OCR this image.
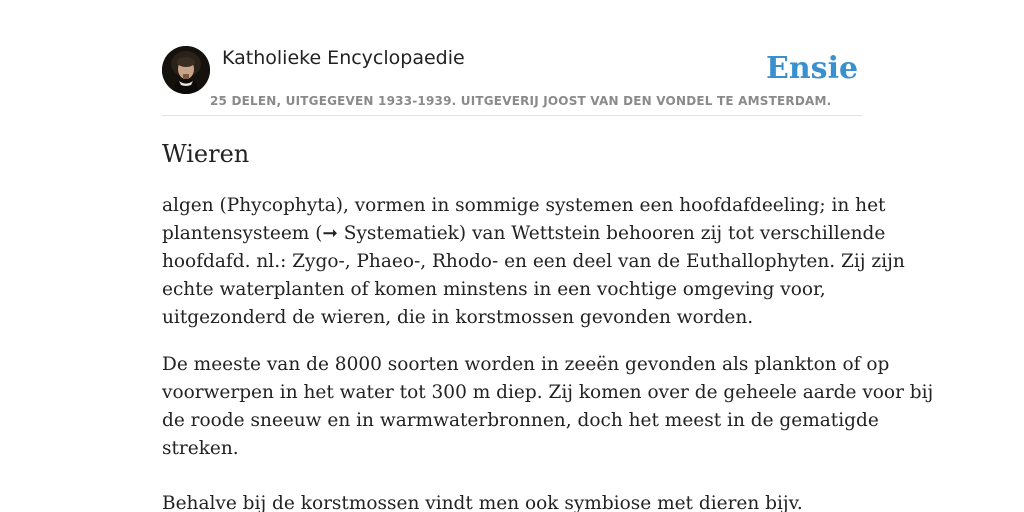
Katholieke Encyclopaedie	Ensie
25 DELEN, UITGEGEVEN 1933-1939. UITGEVERIJ JOOST VAN DEN VONDEL TE AMSTERDAM.
Wieren

algen (Phycophyta), vormen in sommige systemen een hoofdafdeeling; in het
plantensysteem (➞ Systematiek) van Wettstein behooren zij tot verschillende
hoofdafd. nl.: Zygo-, Phaeo-, Rhodo- en een deel van de Euthallophyten. Zij zijn
echte waterplanten of komen minstens in een vochtige omgeving voor,
uitgezonderd de wieren, die in korstmossen gevonden worden.

De meeste van de 8000 soorten worden in zeeën gevonden als plankton of op
voorwerpen in het water tot 300 m diep. Zij komen over de geheele aarde voor bij
de roode sneeuw en in warmwaterbronnen, doch het meest in de gematigde
streken.

Behalve bij de korstmossen vindt men ook symbiose met dieren bijv.
